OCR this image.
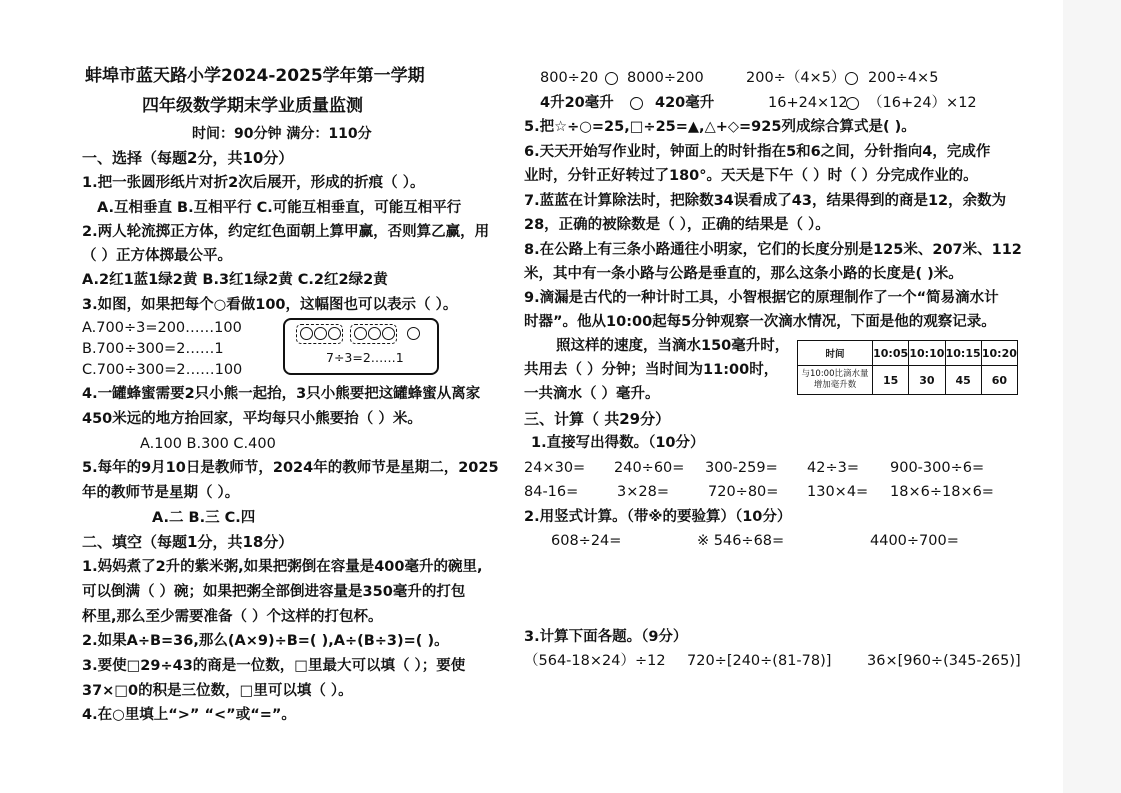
蚌埠市蓝天路小学2024-2025学年第一学期
四年级数学期末学业质量监测
时间：90分钟 满分：110分
一、选择（每题2分，共10分）
1.把一张圆形纸片对折2次后展开，形成的折痕（ ）。
A.互相垂直 B.互相平行 C.可能互相垂直，可能互相平行
2.两人轮流掷正方体，约定红色面朝上算甲赢，否则算乙赢，用
（ ）正方体掷最公平。
A.2红1蓝1绿2黄 B.3红1绿2黄 C.2红2绿2黄
3.如图，如果把每个○看做100，这幅图也可以表示（ ）。
A.700÷3=200……100
B.700÷300=2……1
C.700÷300=2……100
7÷3=2……1
4.一罐蜂蜜需要2只小熊一起抬，3只小熊要把这罐蜂蜜从离家
450米远的地方抬回家，平均每只小熊要抬（ ）米。
A.100 B.300 C.400
5.每年的9月10日是教师节，2024年的教师节是星期二，2025
年的教师节是星期（ ）。
A.二 B.三 C.四
二、填空（每题1分，共18分）
1.妈妈煮了2升的紫米粥,如果把粥倒在容量是400毫升的碗里,
可以倒满（ ）碗；如果把粥全部倒进容量是350毫升的打包
杯里,那么至少需要准备（ ）个这样的打包杯。
2.如果A÷B=36,那么(A×9)÷B=( ),A÷(B÷3)=( )。
3.要使□29÷43的商是一位数，□里最大可以填（ ）；要使
37×□0的积是三位数，□里可以填（ ）。
4.在○里填上“>” “<”或“=”。
800÷20 8000÷200	200÷（4×5） 200÷4×5
4升20毫升	420毫升	16+24×12 （16+24）×12
5.把☆÷○=25,□÷25=▲,△+◇=925列成综合算式是( )。
6.天天开始写作业时，钟面上的时针指在5和6之间，分针指向4，完成作
业时，分针正好转过了180°。天天是下午（ ）时（ ）分完成作业的。
7.蓝蓝在计算除法时，把除数34误看成了43，结果得到的商是12，余数为
28，正确的被除数是（ ），正确的结果是（ ）。
8.在公路上有三条小路通往小明家，它们的长度分别是125米、207米、112
米，其中有一条小路与公路是垂直的，那么这条小路的长度是( )米。
9.滴漏是古代的一种计时工具，小智根据它的原理制作了一个“简易滴水计
时器”。他从10:00起每5分钟观察一次滴水情况，下面是他的观察记录。
照这样的速度，当滴水150毫升时，
共用去（ ）分钟；当时间为11:00时，
一共滴水（ ）毫升。
时间	10:05	10:10	10:15	10:20
与10:00比滴水量增加毫升数	15	30	45	60
三、计算（ 共29分）
1.直接写出得数。（10分）
24×30= 240÷60= 300-259= 42÷3= 900-300÷6=
84-16=	3×28=	720÷80= 130×4= 18×6÷18×6=
2.用竖式计算。（带※的要验算）（10分）
608÷24=	※ 546÷68=	4400÷700=
3.计算下面各题。（9分）
（564-18×24）÷12 720÷[240÷(81-78)] 36×[960÷(345-265)]
